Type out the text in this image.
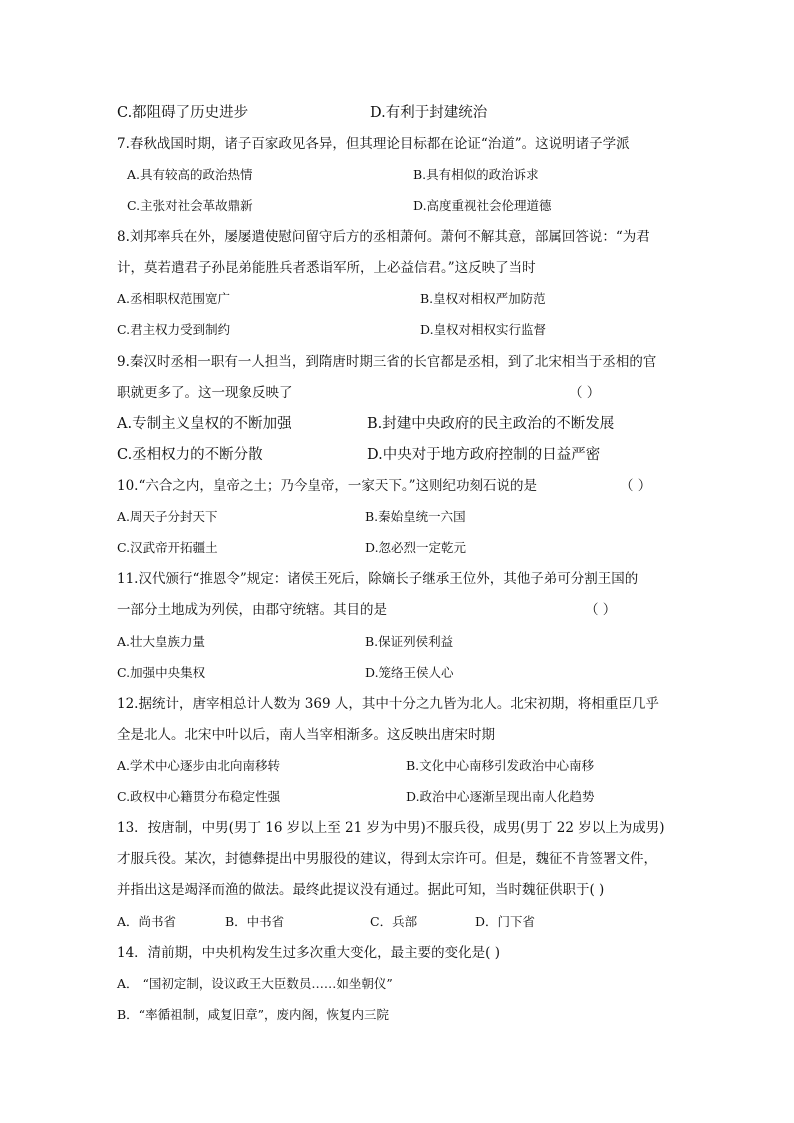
C.都阻碍了历史进步	D.有利于封建统治
7.春秋战国时期，诸子百家政见各异，但其理论目标都在论证“治道”。这说明诸子学派
A.具有较高的政治热情	B.具有相似的政治诉求
C.主张对社会革故鼎新	D.高度重视社会伦理道德
8.刘邦率兵在外，屡屡遣使慰问留守后方的丞相萧何。萧何不解其意，部属回答说：“为君
计，莫若遣君子孙昆弟能胜兵者悉诣军所，上必益信君。”这反映了当时
A.丞相职权范围宽广	B.皇权对相权严加防范
C.君主权力受到制约	D.皇权对相权实行监督
9.秦汉时丞相一职有一人担当，到隋唐时期三省的长官都是丞相，到了北宋相当于丞相的官
职就更多了。这一现象反映了	（ ）
A.专制主义皇权的不断加强	B.封建中央政府的民主政治的不断发展
C.丞相权力的不断分散	D.中央对于地方政府控制的日益严密
10.“六合之内，皇帝之土；乃今皇帝，一家天下。”这则纪功刻石说的是	（ ）
A.周天子分封天下	B.秦始皇统一六国
C.汉武帝开拓疆土	D.忽必烈一定乾元
11.汉代颁行“推恩令”规定：诸侯王死后，除嫡长子继承王位外，其他子弟可分割王国的
一部分土地成为列侯，由郡守统辖。其目的是	（ ）
A.壮大皇族力量	B.保证列侯利益
C.加强中央集权	D.笼络王侯人心
12.据统计，唐宰相总计人数为 369 人，其中十分之九皆为北人。北宋初期，将相重臣几乎
全是北人。北宋中叶以后，南人当宰相渐多。这反映出唐宋时期
A.学术中心逐步由北向南移转	B.文化中心南移引发政治中心南移
C.政权中心籍贯分布稳定性强	D.政治中心逐渐呈现出南人化趋势
13．按唐制，中男(男丁 16 岁以上至 21 岁为中男)不服兵役，成男(男丁 22 岁以上为成男)
才服兵役。某次，封德彝提出中男服役的建议，得到太宗许可。但是，魏征不肯签署文件，
并指出这是竭泽而渔的做法。最终此提议没有通过。据此可知，当时魏征供职于( )
A．尚书省	B．中书省	C．兵部	D．门下省
14．清前期，中央机构发生过多次重大变化，最主要的变化是( )
A． “国初定制，设议政王大臣数员……如坐朝仪”
B．“率循祖制，咸复旧章”，废内阁，恢复内三院
